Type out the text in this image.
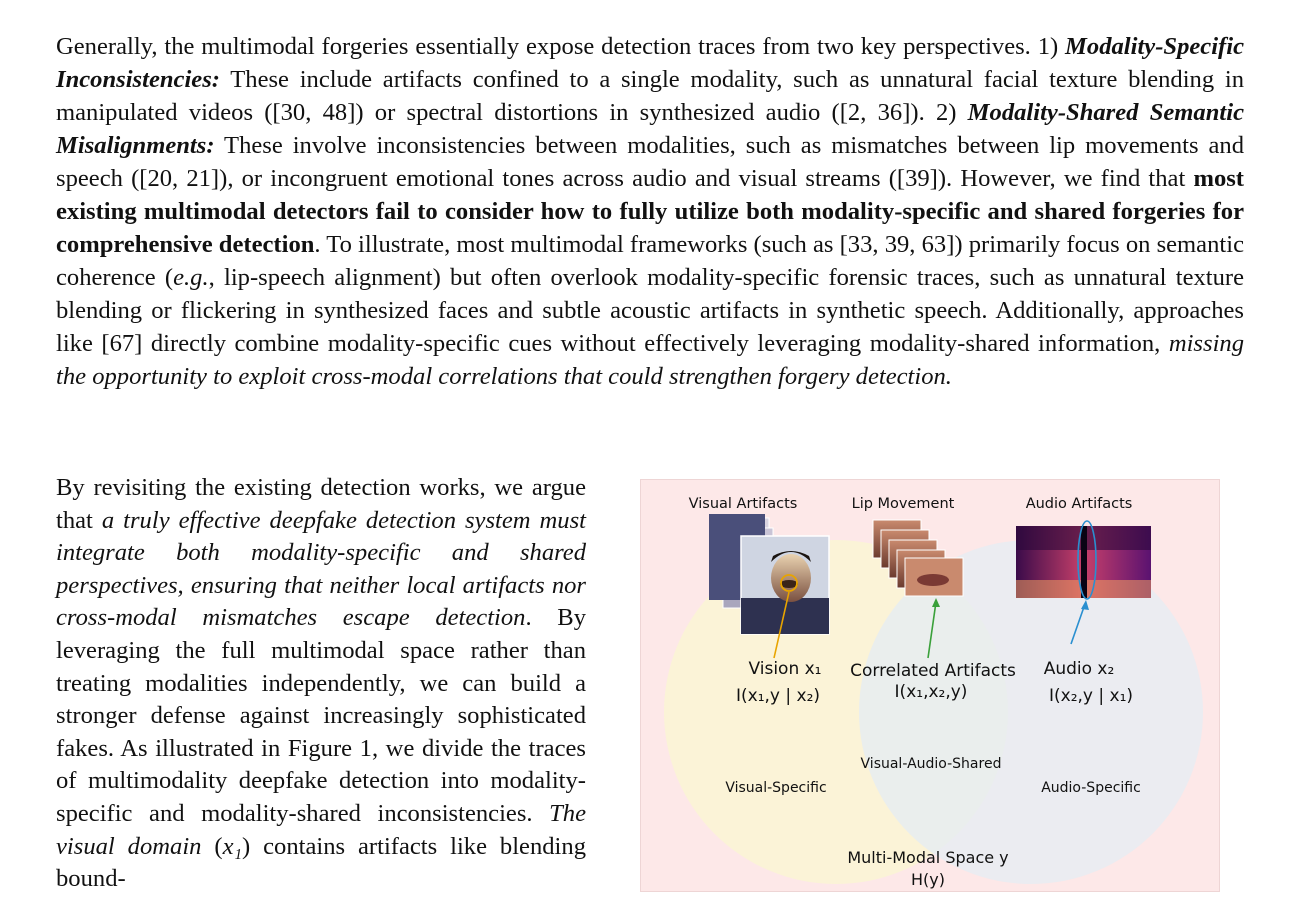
Generally, the multimodal forgeries essentially expose detection traces from two key perspectives. 1) Modality-Specific Inconsistencies: These include artifacts confined to a single modality, such as unnatural facial texture blending in manipulated videos ([30, 48]) or spectral distortions in synthesized audio ([2, 36]). 2) Modality-Shared Semantic Misalignments: These involve inconsistencies between modalities, such as mismatches between lip movements and speech ([20, 21]), or incongruent emotional tones across audio and visual streams ([39]). However, we find that most existing multimodal detectors fail to consider how to fully utilize both modality-specific and shared forgeries for comprehensive detection. To illustrate, most multimodal frameworks (such as [33, 39, 63]) primarily focus on semantic coherence (e.g., lip-speech alignment) but often overlook modality-specific forensic traces, such as unnatural texture blending or flickering in synthesized faces and subtle acoustic artifacts in synthetic speech. Additionally, approaches like [67] directly combine modality-specific cues without effectively leveraging modality-shared information, missing the opportunity to exploit cross-modal correlations that could strengthen forgery detection.

By revisiting the existing detection works, we argue that a truly effective deepfake detection system must integrate both modality-specific and shared perspectives, ensuring that neither local artifacts nor cross-modal mismatches escape detection. By leveraging the full multimodal space rather than treating modalities independently, we can build a stronger defense against increasingly sophisticated fakes. As illustrated in Figure 1, we divide the traces of multimodality deepfake detection into modality-specific and modality-shared inconsistencies. The visual domain (x₁) contains artifacts like blending bound-

Visual Artifacts	Lip Movement	Audio Artifacts
Vision x₁
I(x₁,y | x₂)
Correlated Artifacts
I(x₁,x₂,y)
Audio x₂
I(x₂,y | x₁)
Visual-Audio-Shared
Visual-Specific	Audio-Specific
Multi-Modal Space y
H(y)
